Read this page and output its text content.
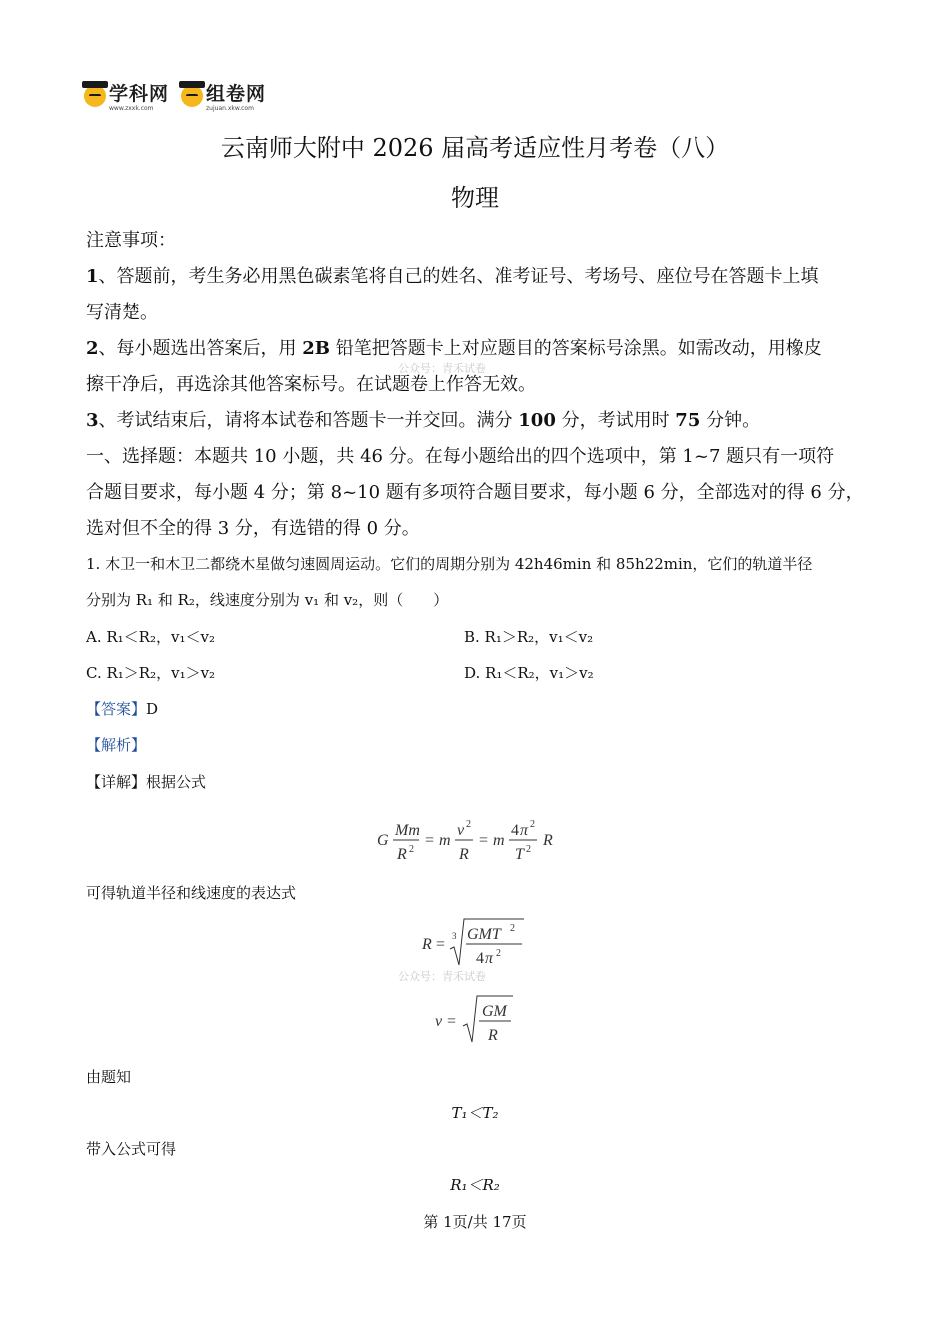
学科网
www.zxxk.com
组卷网
zujuan.xkw.com
云南师大附中 2026 届高考适应性月考卷（八）
物理
注意事项：
1、答题前，考生务必用黑色碳素笔将自己的姓名、准考证号、考场号、座位号在答题卡上填
写清楚。
2、每小题选出答案后，用 2B 铅笔把答题卡上对应题目的答案标号涂黑。如需改动，用橡皮
擦干净后，再选涂其他答案标号。在试题卷上作答无效。
公众号：青禾试卷
3、考试结束后，请将本试卷和答题卡一并交回。满分 100 分，考试用时 75 分钟。
一、选择题：本题共 10 小题，共 46 分。在每小题给出的四个选项中，第 1~7 题只有一项符
合题目要求，每小题 4 分；第 8~10 题有多项符合题目要求，每小题 6 分，全部选对的得 6 分，
选对但不全的得 3 分，有选错的得 0 分。
1. 木卫一和木卫二都绕木星做匀速圆周运动。它们的周期分别为 42h46min 和 85h22min，它们的轨道半径
分别为 R₁ 和 R₂，线速度分别为 v₁ 和 v₂，则（　　）
A. R₁＜R₂，v₁＜v₂	B. R₁＞R₂，v₁＜v₂
C. R₁＞R₂，v₁＞v₂	D. R₁＜R₂，v₁＞v₂
【答案】D
【解析】
【详解】根据公式
G
Mm
R 2
= m
v 2
R
= m
4 π 2
T 2
R
可得轨道半径和线速度的表达式
R = 3 GMT 2
4 π 2
公众号：青禾试卷
v =
GM
R
由题知
T₁＜T₂
带入公式可得
R₁＜R₂
第 1页/共 17页
